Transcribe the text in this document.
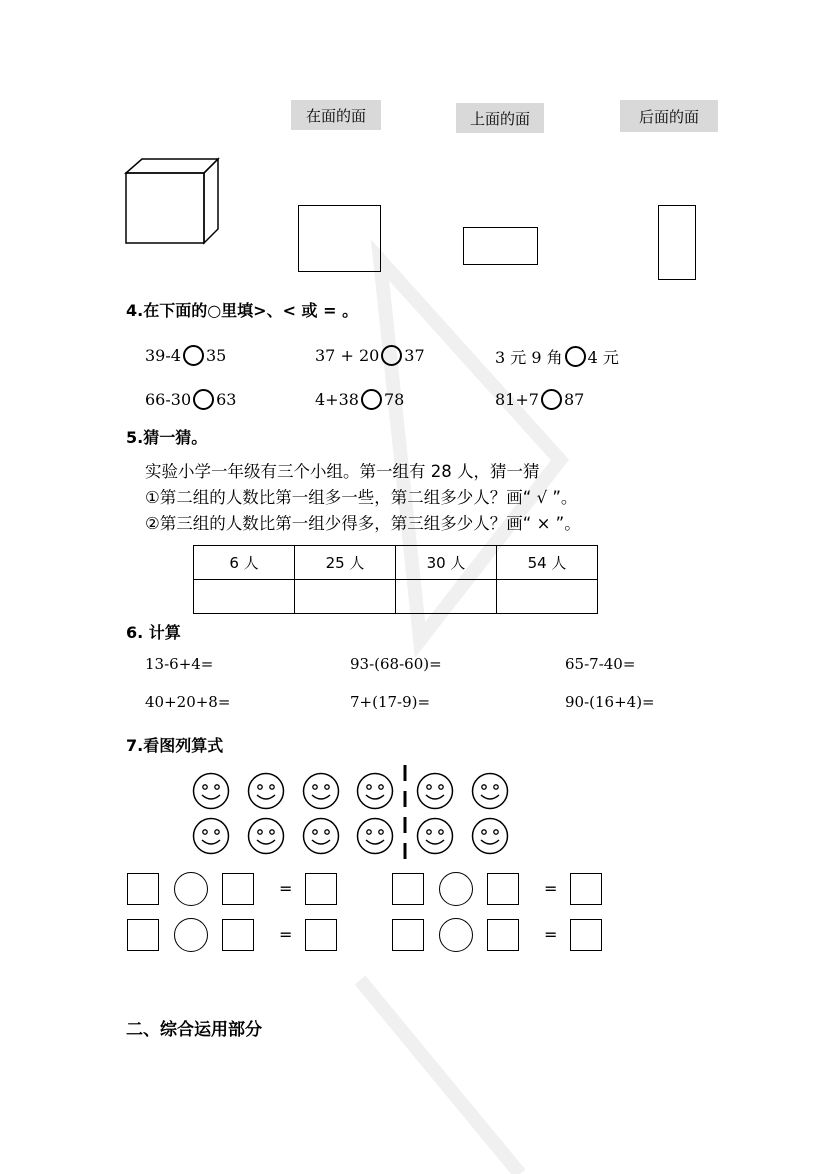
在面的面	上面的面	后面的面
4.在下面的○里填>、< 或 = 。
39-4 35	37 + 20 37	3 元 9 角 4 元
66-30 63	4+38 78	81+7 87
5.猜一猜。
实验小学一年级有三个小组。第一组有 28 人，猜一猜
①第二组的人数比第一组多一些，第二组多少人？画“ √ ”。
②第三组的人数比第一组少得多，第三组多少人？画“ × ”。
6 人	25 人	30 人	54 人

6. 计算
13-6+4=	93-(68-60)=	65-7-40=
40+20+8=	7+(17-9)=	90-(16+4)=
7.看图列算式
=	=
=	=
二、综合运用部分
